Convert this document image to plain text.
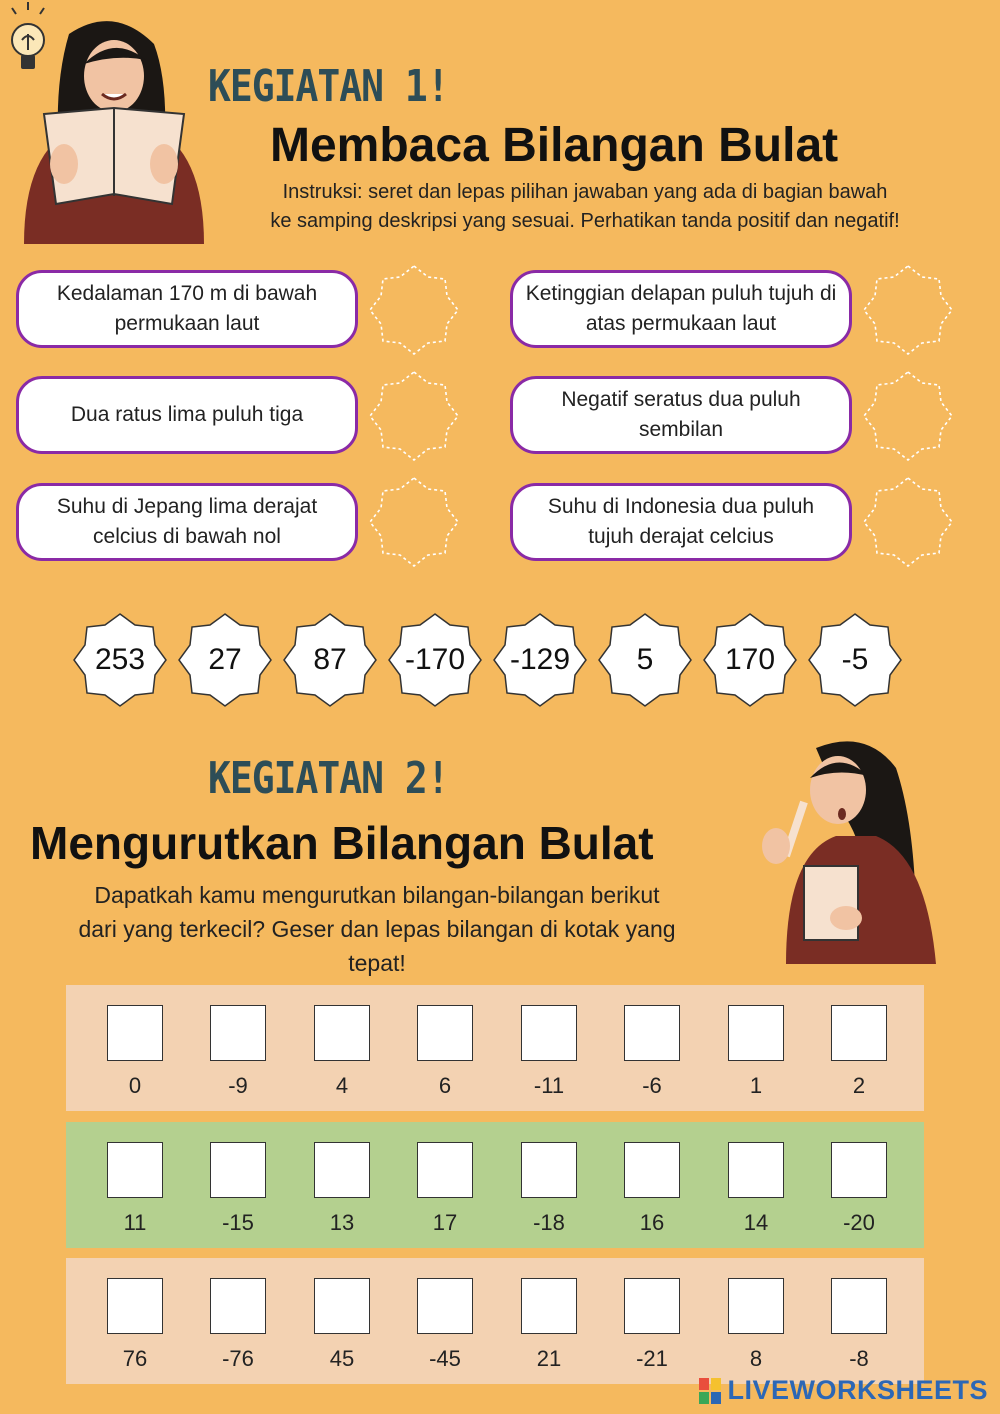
KEGIATAN 1!
Membaca Bilangan Bulat
Instruksi: seret dan lepas pilihan jawaban yang ada di bagian bawah
ke samping deskripsi yang sesuai. Perhatikan tanda positif dan negatif!
Kedalaman 170 m di bawah permukaan laut
Ketinggian delapan puluh tujuh di atas permukaan laut
Dua ratus lima puluh tiga
Negatif seratus dua puluh sembilan
Suhu di Jepang lima derajat celcius di bawah nol
Suhu di Indonesia dua puluh tujuh derajat celcius
253	27	87	-170	-129	5	170	-5
KEGIATAN 2!
Mengurutkan Bilangan Bulat
Dapatkah kamu mengurutkan bilangan-bilangan berikut
dari yang terkecil? Geser dan lepas bilangan di kotak yang
tepat!
0	-9	4	6	-11	-6	1	2
11	-15	13	17	-18	16	14	-20
76	-76	45	-45	21	-21	8	-8
LIVEWORKSHEETS
